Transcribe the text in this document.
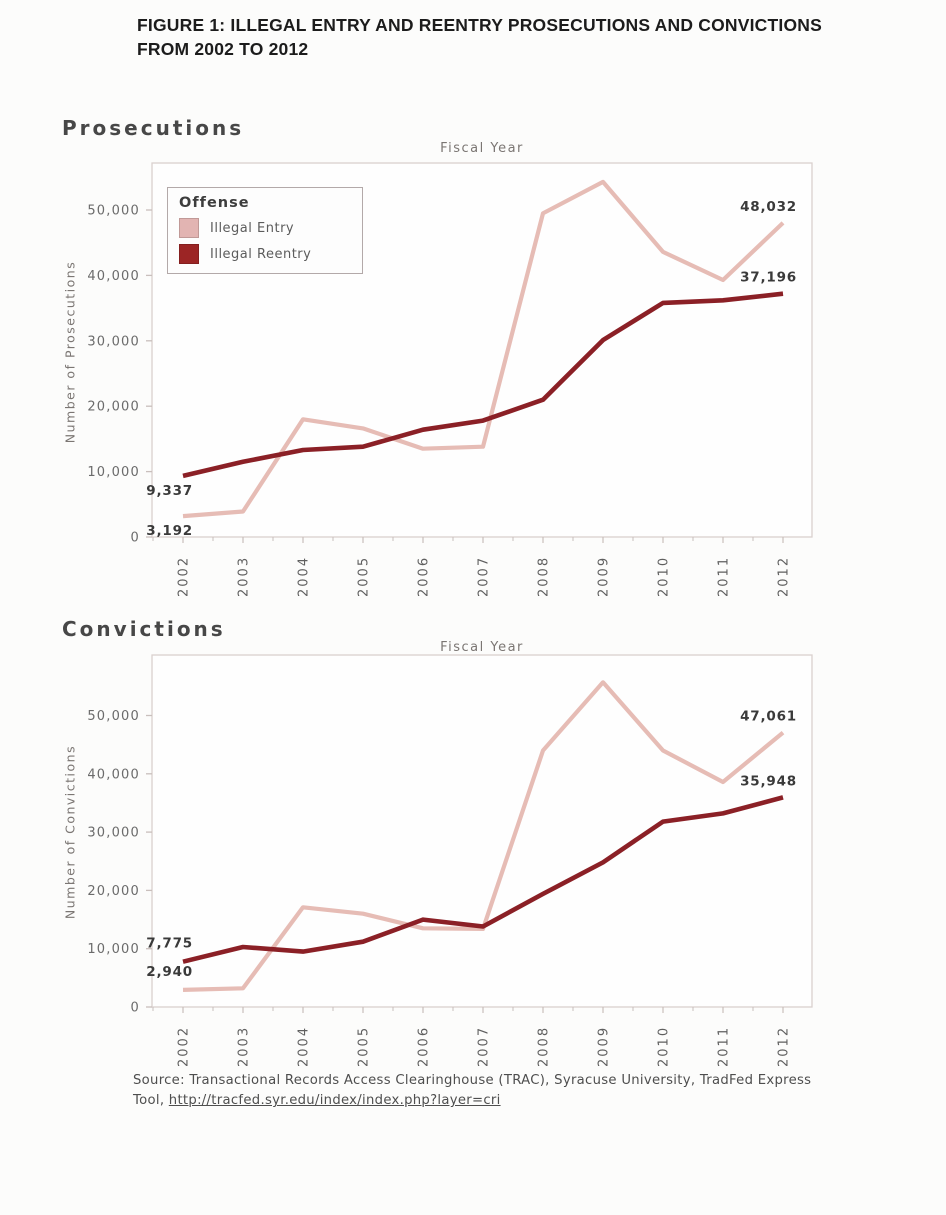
FIGURE 1: ILLEGAL ENTRY AND REENTRY PROSECUTIONS AND CONVICTIONS
FROM 2002 TO 2012
Prosecutions
Fiscal Year
Number of Prosecutions
0
10,000
20,000
30,000
40,000
50,000
2002	2003	2004	2005	2006	2007	2008	2009	2010	2011	2012
3,192
48,032
9,337
37,196
Offense
Illegal Entry
Illegal Reentry
Convictions
Fiscal Year
Number of Convictions
0
10,000
20,000
30,000
40,000
50,000
2002	2003	2004	2005	2006	2007	2008	2009	2010	2011	2012
2,940
47,061
7,775
35,948
Source: Transactional Records Access Clearinghouse (TRAC), Syracuse University, TradFed Express
Tool, http://tracfed.syr.edu/index/index.php?layer=cri
